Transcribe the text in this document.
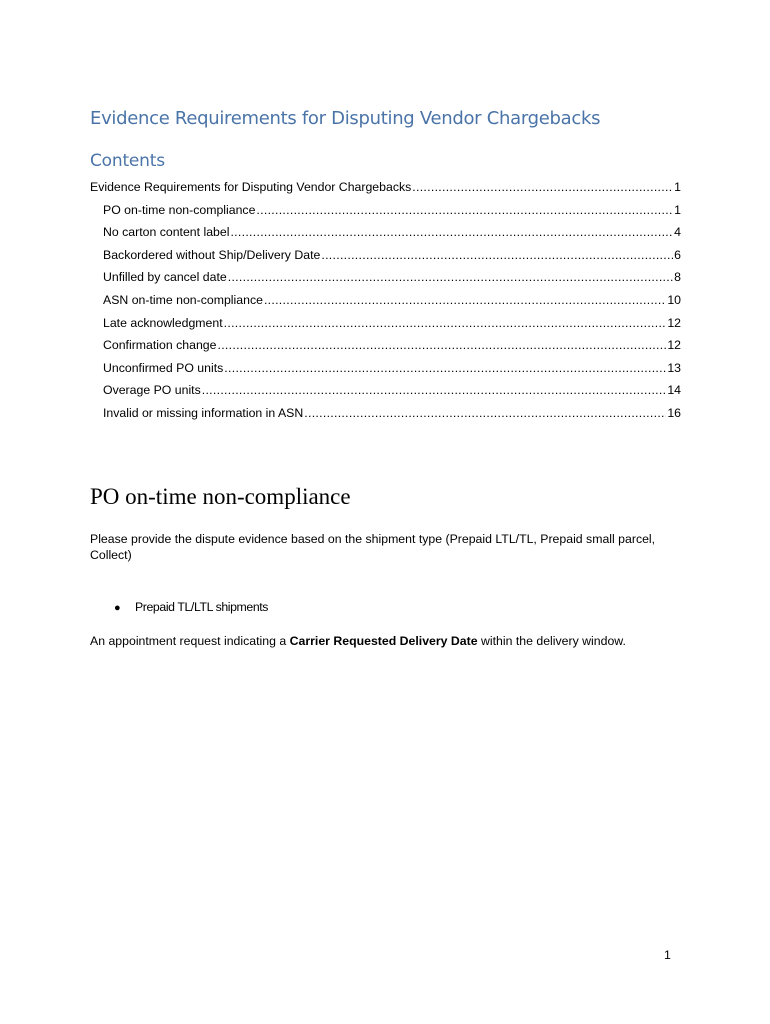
Evidence Requirements for Disputing Vendor Chargebacks
Contents
Evidence Requirements for Disputing Vendor Chargebacks .....	1
PO on-time non-compliance .....	1
No carton content label .....	4
Backordered without Ship/Delivery Date .....	6
Unfilled by cancel date .....	8
ASN on-time non-compliance .....	10
Late acknowledgment .....	12
Confirmation change .....	12
Unconfirmed PO units .....	13
Overage PO units .....	14
Invalid or missing information in ASN .....	16
PO on-time non-compliance

Please provide the dispute evidence based on the shipment type (Prepaid LTL/TL, Prepaid small parcel, Collect)

●	Prepaid TL/LTL shipments

An appointment request indicating a Carrier Requested Delivery Date within the delivery window.

1
